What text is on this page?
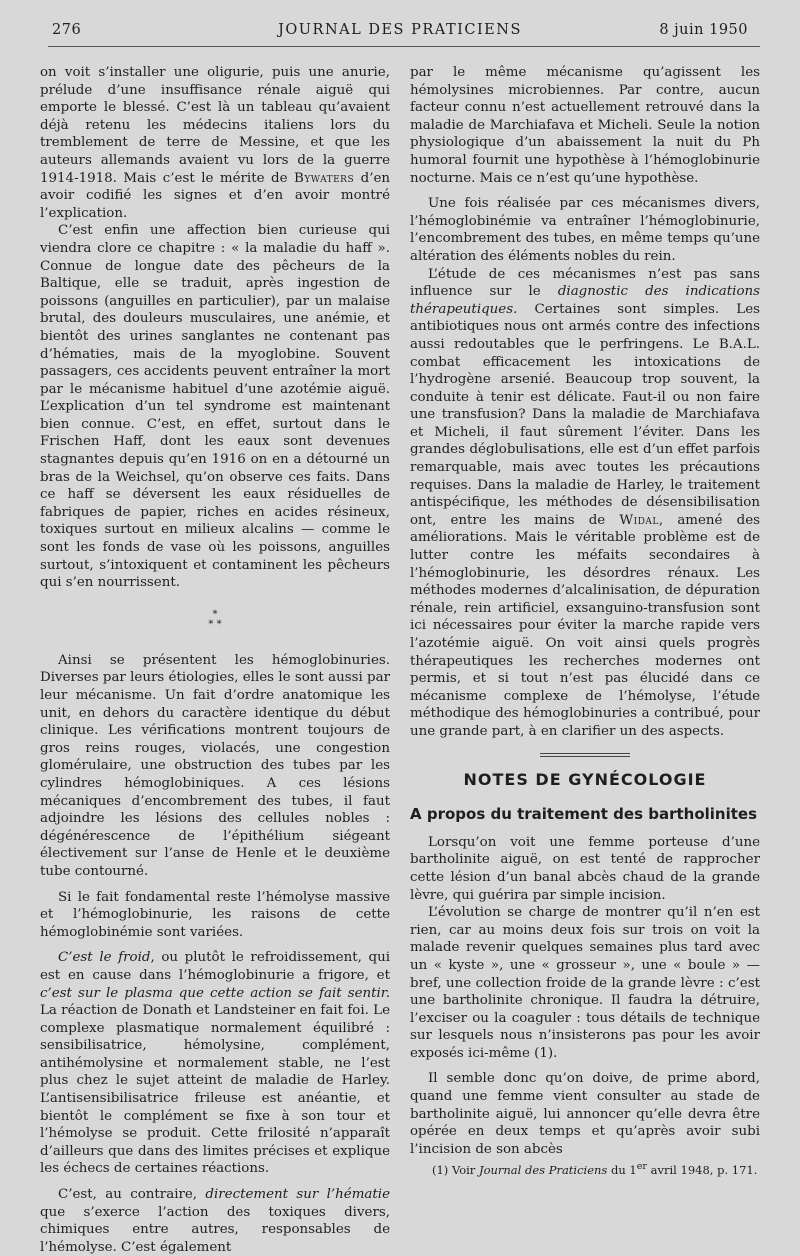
276	JOURNAL DES PRATICIENS	8 juin 1950

on voit s’installer une oligurie, puis une anurie, prélude d’une insuffisance rénale aiguë qui emporte le blessé. C’est là un tableau qu’avaient déjà retenu les médecins italiens lors du tremblement de terre de Messine, et que les auteurs allemands avaient vu lors de la guerre 1914-1918. Mais c’est le mérite de Bywaters d’en avoir codifié les signes et d’en avoir montré l’explication.

C’est enfin une affection bien curieuse qui viendra clore ce chapitre : « la maladie du haff ». Connue de longue date des pêcheurs de la Baltique, elle se traduit, après ingestion de poissons (anguilles en particulier), par un malaise brutal, des douleurs musculaires, une anémie, et bientôt des urines sanglantes ne contenant pas d’hématies, mais de la myoglobine. Souvent passagers, ces accidents peuvent entraîner la mort par le mécanisme habituel d’une azotémie aiguë. L’explication d’un tel syndrome est maintenant bien connue. C’est, en effet, surtout dans le Frischen Haff, dont les eaux sont devenues stagnantes depuis qu’en 1916 on en a détourné un bras de la Weichsel, qu’on observe ces faits. Dans ce haff se déversent les eaux résiduelles de fabriques de papier, riches en acides résineux, toxiques surtout en milieux alcalins — comme le sont les fonds de vase où les poissons, anguilles surtout, s’intoxiquent et contaminent les pêcheurs qui s’en nourrissent.

*
* *

Ainsi se présentent les hémoglobinuries. Diverses par leurs étiologies, elles le sont aussi par leur mécanisme. Un fait d’ordre anatomique les unit, en dehors du caractère identique du début clinique. Les vérifications montrent toujours de gros reins rouges, violacés, une congestion glomérulaire, une obstruction des tubes par les cylindres hémoglobiniques. A ces lésions mécaniques d’encombrement des tubes, il faut adjoindre les lésions des cellules nobles : dégénérescence de l’épithélium siégeant électivement sur l’anse de Henle et le deuxième tube contourné.

Si le fait fondamental reste l’hémolyse massive et l’hémoglobinurie, les raisons de cette hémoglobinémie sont variées.

C’est le froid, ou plutôt le refroidissement, qui est en cause dans l’hémoglobinurie a frigore, et c’est sur le plasma que cette action se fait sentir. La réaction de Donath et Landsteiner en fait foi. Le complexe plasmatique normalement équilibré : sensibilisatrice, hémolysine, complément, antihémolysine et normalement stable, ne l’est plus chez le sujet atteint de maladie de Harley. L’antisensibilisatrice frileuse est anéantie, et bientôt le complément se fixe à son tour et l’hémolyse se produit. Cette frilosité n’apparaît d’ailleurs que dans des limites précises et explique les échecs de certaines réactions.

C’est, au contraire, directement sur l’hématie que s’exerce l’action des toxiques divers, chimiques entre autres, responsables de l’hémolyse. C’est également

par le même mécanisme qu’agissent les hémolysines microbiennes. Par contre, aucun facteur connu n’est actuellement retrouvé dans la maladie de Marchiafava et Micheli. Seule la notion physiologique d’un abaissement la nuit du Ph humoral fournit une hypothèse à l’hémoglobinurie nocturne. Mais ce n’est qu’une hypothèse.

Une fois réalisée par ces mécanismes divers, l’hémoglobinémie va entraîner l’hémoglobinurie, l’encombrement des tubes, en même temps qu’une altération des éléments nobles du rein.

L’étude de ces mécanismes n’est pas sans influence sur le diagnostic des indications thérapeutiques. Certaines sont simples. Les antibiotiques nous ont armés contre des infections aussi redoutables que le perfringens. Le B.A.L. combat efficacement les intoxications de l’hydrogène arsenié. Beaucoup trop souvent, la conduite à tenir est délicate. Faut-il ou non faire une transfusion? Dans la maladie de Marchiafava et Micheli, il faut sûrement l’éviter. Dans les grandes déglobulisations, elle est d’un effet parfois remarquable, mais avec toutes les précautions requises. Dans la maladie de Harley, le traitement antispécifique, les méthodes de désensibilisation ont, entre les mains de Widal, amené des améliorations. Mais le véritable problème est de lutter contre les méfaits secondaires à l’hémoglobinurie, les désordres rénaux. Les méthodes modernes d’alcalinisation, de dépuration rénale, rein artificiel, exsanguino-transfusion sont ici nécessaires pour éviter la marche rapide vers l’azotémie aiguë. On voit ainsi quels progrès thérapeutiques les recherches modernes ont permis, et si tout n’est pas élucidé dans ce mécanisme complexe de l’hémolyse, l’étude méthodique des hémoglobinuries a contribué, pour une grande part, à en clarifier un des aspects.

NOTES DE GYNÉCOLOGIE
A propos du traitement des bartholinites

Lorsqu’on voit une femme porteuse d’une bartholinite aiguë, on est tenté de rapprocher cette lésion d’un banal abcès chaud de la grande lèvre, qui guérira par simple incision.

L’évolution se charge de montrer qu’il n’en est rien, car au moins deux fois sur trois on voit la malade revenir quelques semaines plus tard avec un « kyste », une « grosseur », une « boule » — bref, une collection froide de la grande lèvre : c’est une bartholinite chronique. Il faudra la détruire, l’exciser ou la coaguler : tous détails de technique sur lesquels nous n’insisterons pas pour les avoir exposés ici-même (1).

Il semble donc qu’on doive, de prime abord, quand une femme vient consulter au stade de bartholinite aiguë, lui annoncer qu’elle devra être opérée en deux temps et qu’après avoir subi l’incision de son abcès

(1) Voir Journal des Praticiens du 1er avril 1948, p. 171.
